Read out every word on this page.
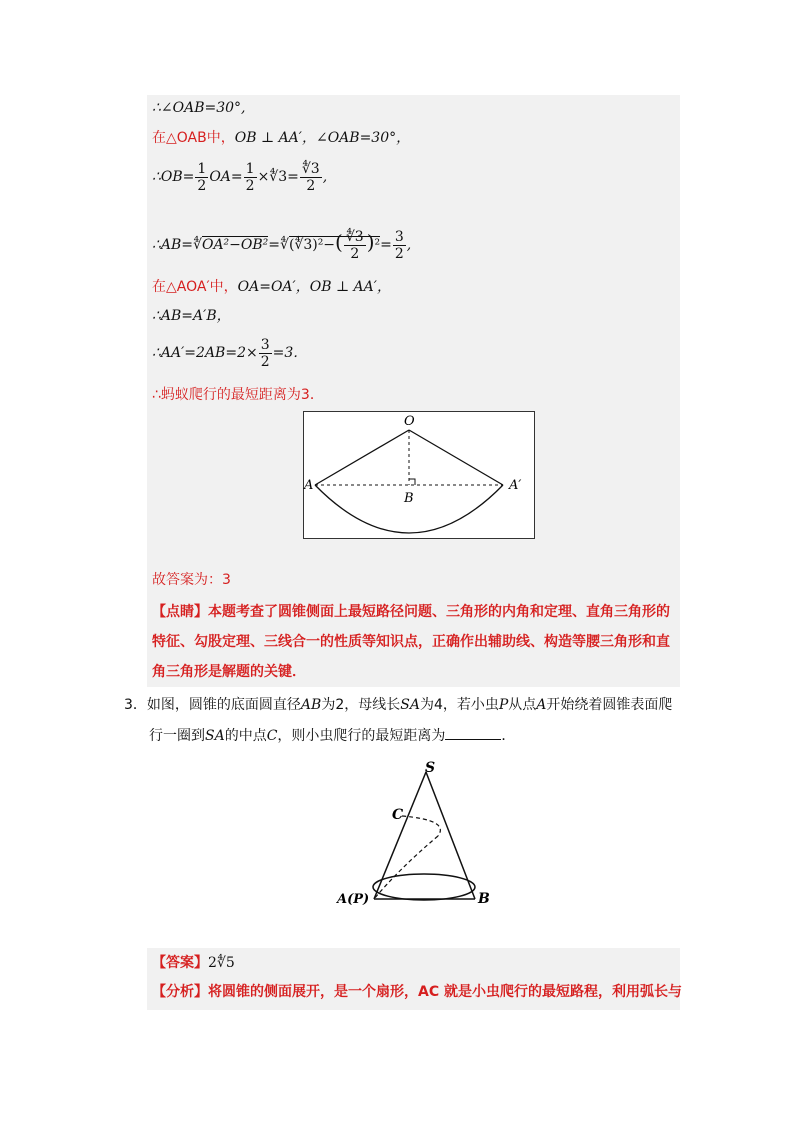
∴∠OAB=30°,
在△OAB中，OB ⊥ AA′，∠OAB=30°，
∴OB= $\frac{1}{2} OA= \frac{1}{2}$ ×∜3= $\frac{∜3}{2}$ ,
∴AB=∜OA²−OB²=∜(∜3)²−( $\frac{∜3}{2} )^2= \frac{3}{2}$ ,
在△AOA′中，OA=OA′，OB ⊥ AA′，
∴AB=A′B，
∴AA′=2AB=2× $\frac{3}{2} =3$．
∴蚂蚁爬行的最短距离为3．
O
A	A′
B
故答案为：3
【点睛】本题考查了圆锥侧面上最短路径问题、三角形的内角和定理、直角三角形的
特征、勾股定理、三线合一的性质等知识点，正确作出辅助线、构造等腰三角形和直
角三角形是解题的关键．
3．如图，圆锥的底面圆直径AB为2，母线长SA为4，若小虫P从点A开始绕着圆锥表面爬
行一圈到SA的中点C，则小虫爬行的最短距离为	．
S
C
A(P)	B
【答案】2∜5
【分析】将圆锥的侧面展开，是一个扇形，AC 就是小虫爬行的最短路程，利用弧长与
